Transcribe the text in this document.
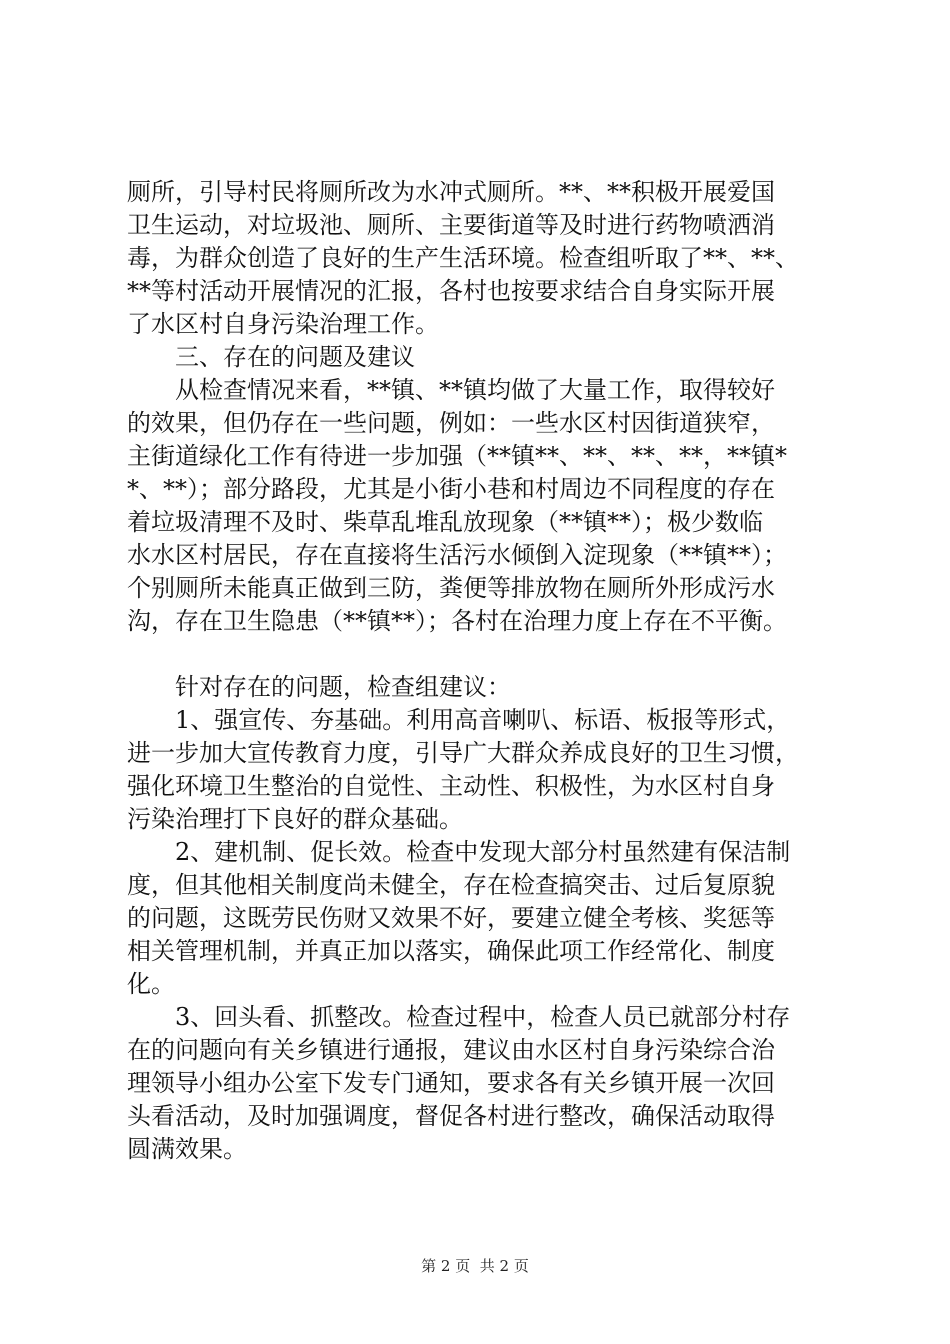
厕所，引导村民将厕所改为水冲式厕所。**、**积极开展爱国
卫生运动，对垃圾池、厕所、主要街道等及时进行药物喷洒消
毒，为群众创造了良好的生产生活环境。检查组听取了**、**、
**等村活动开展情况的汇报，各村也按要求结合自身实际开展
了水区村自身污染治理工作。
　　三、存在的问题及建议
　　从检查情况来看，**镇、**镇均做了大量工作，取得较好
的效果，但仍存在一些问题，例如：一些水区村因街道狭窄，
主街道绿化工作有待进一步加强（**镇**、**、**、**，**镇*
*、**）；部分路段，尤其是小街小巷和村周边不同程度的存在
着垃圾清理不及时、柴草乱堆乱放现象（**镇**）；极少数临
水水区村居民，存在直接将生活污水倾倒入淀现象（**镇**）；
个别厕所未能真正做到三防，粪便等排放物在厕所外形成污水
沟，存在卫生隐患（**镇**）；各村在治理力度上存在不平衡。
　　针对存在的问题，检查组建议：
　　1、强宣传、夯基础。利用高音喇叭、标语、板报等形式，
进一步加大宣传教育力度，引导广大群众养成良好的卫生习惯，
强化环境卫生整治的自觉性、主动性、积极性，为水区村自身
污染治理打下良好的群众基础。
　　2、建机制、促长效。检查中发现大部分村虽然建有保洁制
度，但其他相关制度尚未健全，存在检查搞突击、过后复原貌
的问题，这既劳民伤财又效果不好，要建立健全考核、奖惩等
相关管理机制，并真正加以落实，确保此项工作经常化、制度
化。
　　3、回头看、抓整改。检查过程中，检查人员已就部分村存
在的问题向有关乡镇进行通报，建议由水区村自身污染综合治
理领导小组办公室下发专门通知，要求各有关乡镇开展一次回
头看活动，及时加强调度，督促各村进行整改，确保活动取得
圆满效果。
第 2 页  共 2 页
